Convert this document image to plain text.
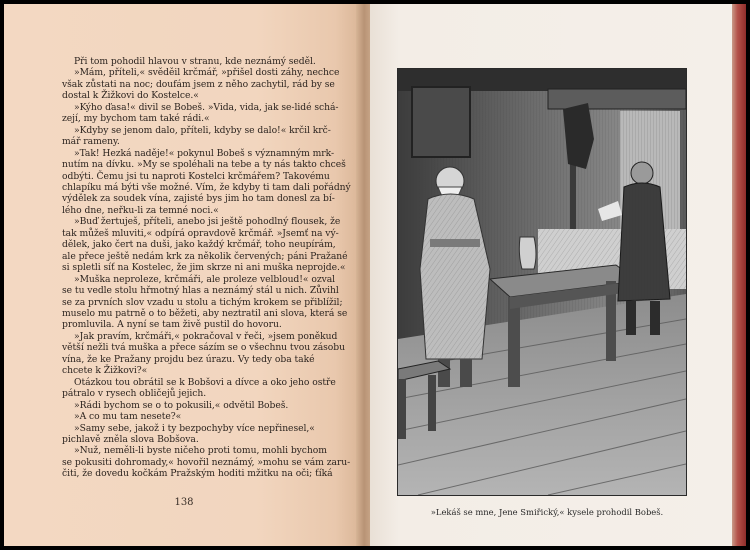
Při tom pohodil hlavou v stranu, kde neznámý seděl.
»Mám, příteli,« svěděil krčmář, »přišel dosti záhy, nechce
však zůstati na noc; doufám jsem z něho zachytil, rád by se
dostal k Žižkovi do Kostelce.«
»Kýho ďasa!« divil se Bobeš. »Vida, vida, jak se-lidé schá-
zejí, my bychom tam také rádi.«
»Kdyby se jenom dalo, příteli, kdyby se dalo!« krčil krč-
mář rameny.
»Tak! Hezká naděje!« pokynul Bobeš s významným mrk-
nutím na dívku. »My se spoléhali na tebe a ty nás takto chceš
odbýti. Čemu jsi tu naproti Kostelci krčmářem? Takovému
chlapíku má býti vše možné. Vím, že kdyby ti tam dali pořádný
výdělek za soudek vína, zajisté bys jim ho tam donesl za bí-
lého dne, neřku-li za temné noci.«
»Buď žertuješ, příteli, anebo jsi ještě pohodlný flousek, že
tak můžeš mluviti,« odpírá opravdově krčmář. »Jsemť na vý-
dělek, jako čert na duši, jako každý krčmář, toho neupírám,
ale přece ještě nedám krk za několik červených; páni Pražané
si spletli síť na Kostelec, že jim skrze ni ani muška neprojde.«
»Muška neproleze, krčmáři, ale proleze velbloud!« ozval
se tu vedle stolu hřmotný hlas a neznámý stál u nich. Zůvihl
se za prvních slov vzadu u stolu a tichým krokem se přiblížil;
muselo mu patrně o to běžeti, aby neztratil ani slova, která se
promluvila. A nyní se tam živě pustil do hovoru.
»Jak pravím, krčmáři,« pokračoval v řeči, »jsem poněkud
větší nežli tvá muška a přece sázím se o všechnu tvou zásobu
vína, že ke Pražany projdu bez úrazu. Vy tedy oba také
chcete k Žižkovi?«
Otázkou tou obrátil se k Bobšovi a dívce a oko jeho ostře
pátralo v rysech obličejů jejich.
»Rádi bychom se o to pokusili,« odvětil Bobeš.
»A co mu tam nesete?«
»Samy sebe, jakož i ty bezpochyby více nepřinesel,«
pichlavě zněla slova Bobšova.
»Nuž, neměli-li byste ničeho proti tomu, mohli bychom
se pokusiti dohromady,« hovořil neznámý, »mohu se vám zaru-
čiti, že dovedu kočkám Pražským hoditi mžitku na oči; ťíká
138
»Lekáš se mne, Jene Smiřický,« kysele prohodil Bobeš.
